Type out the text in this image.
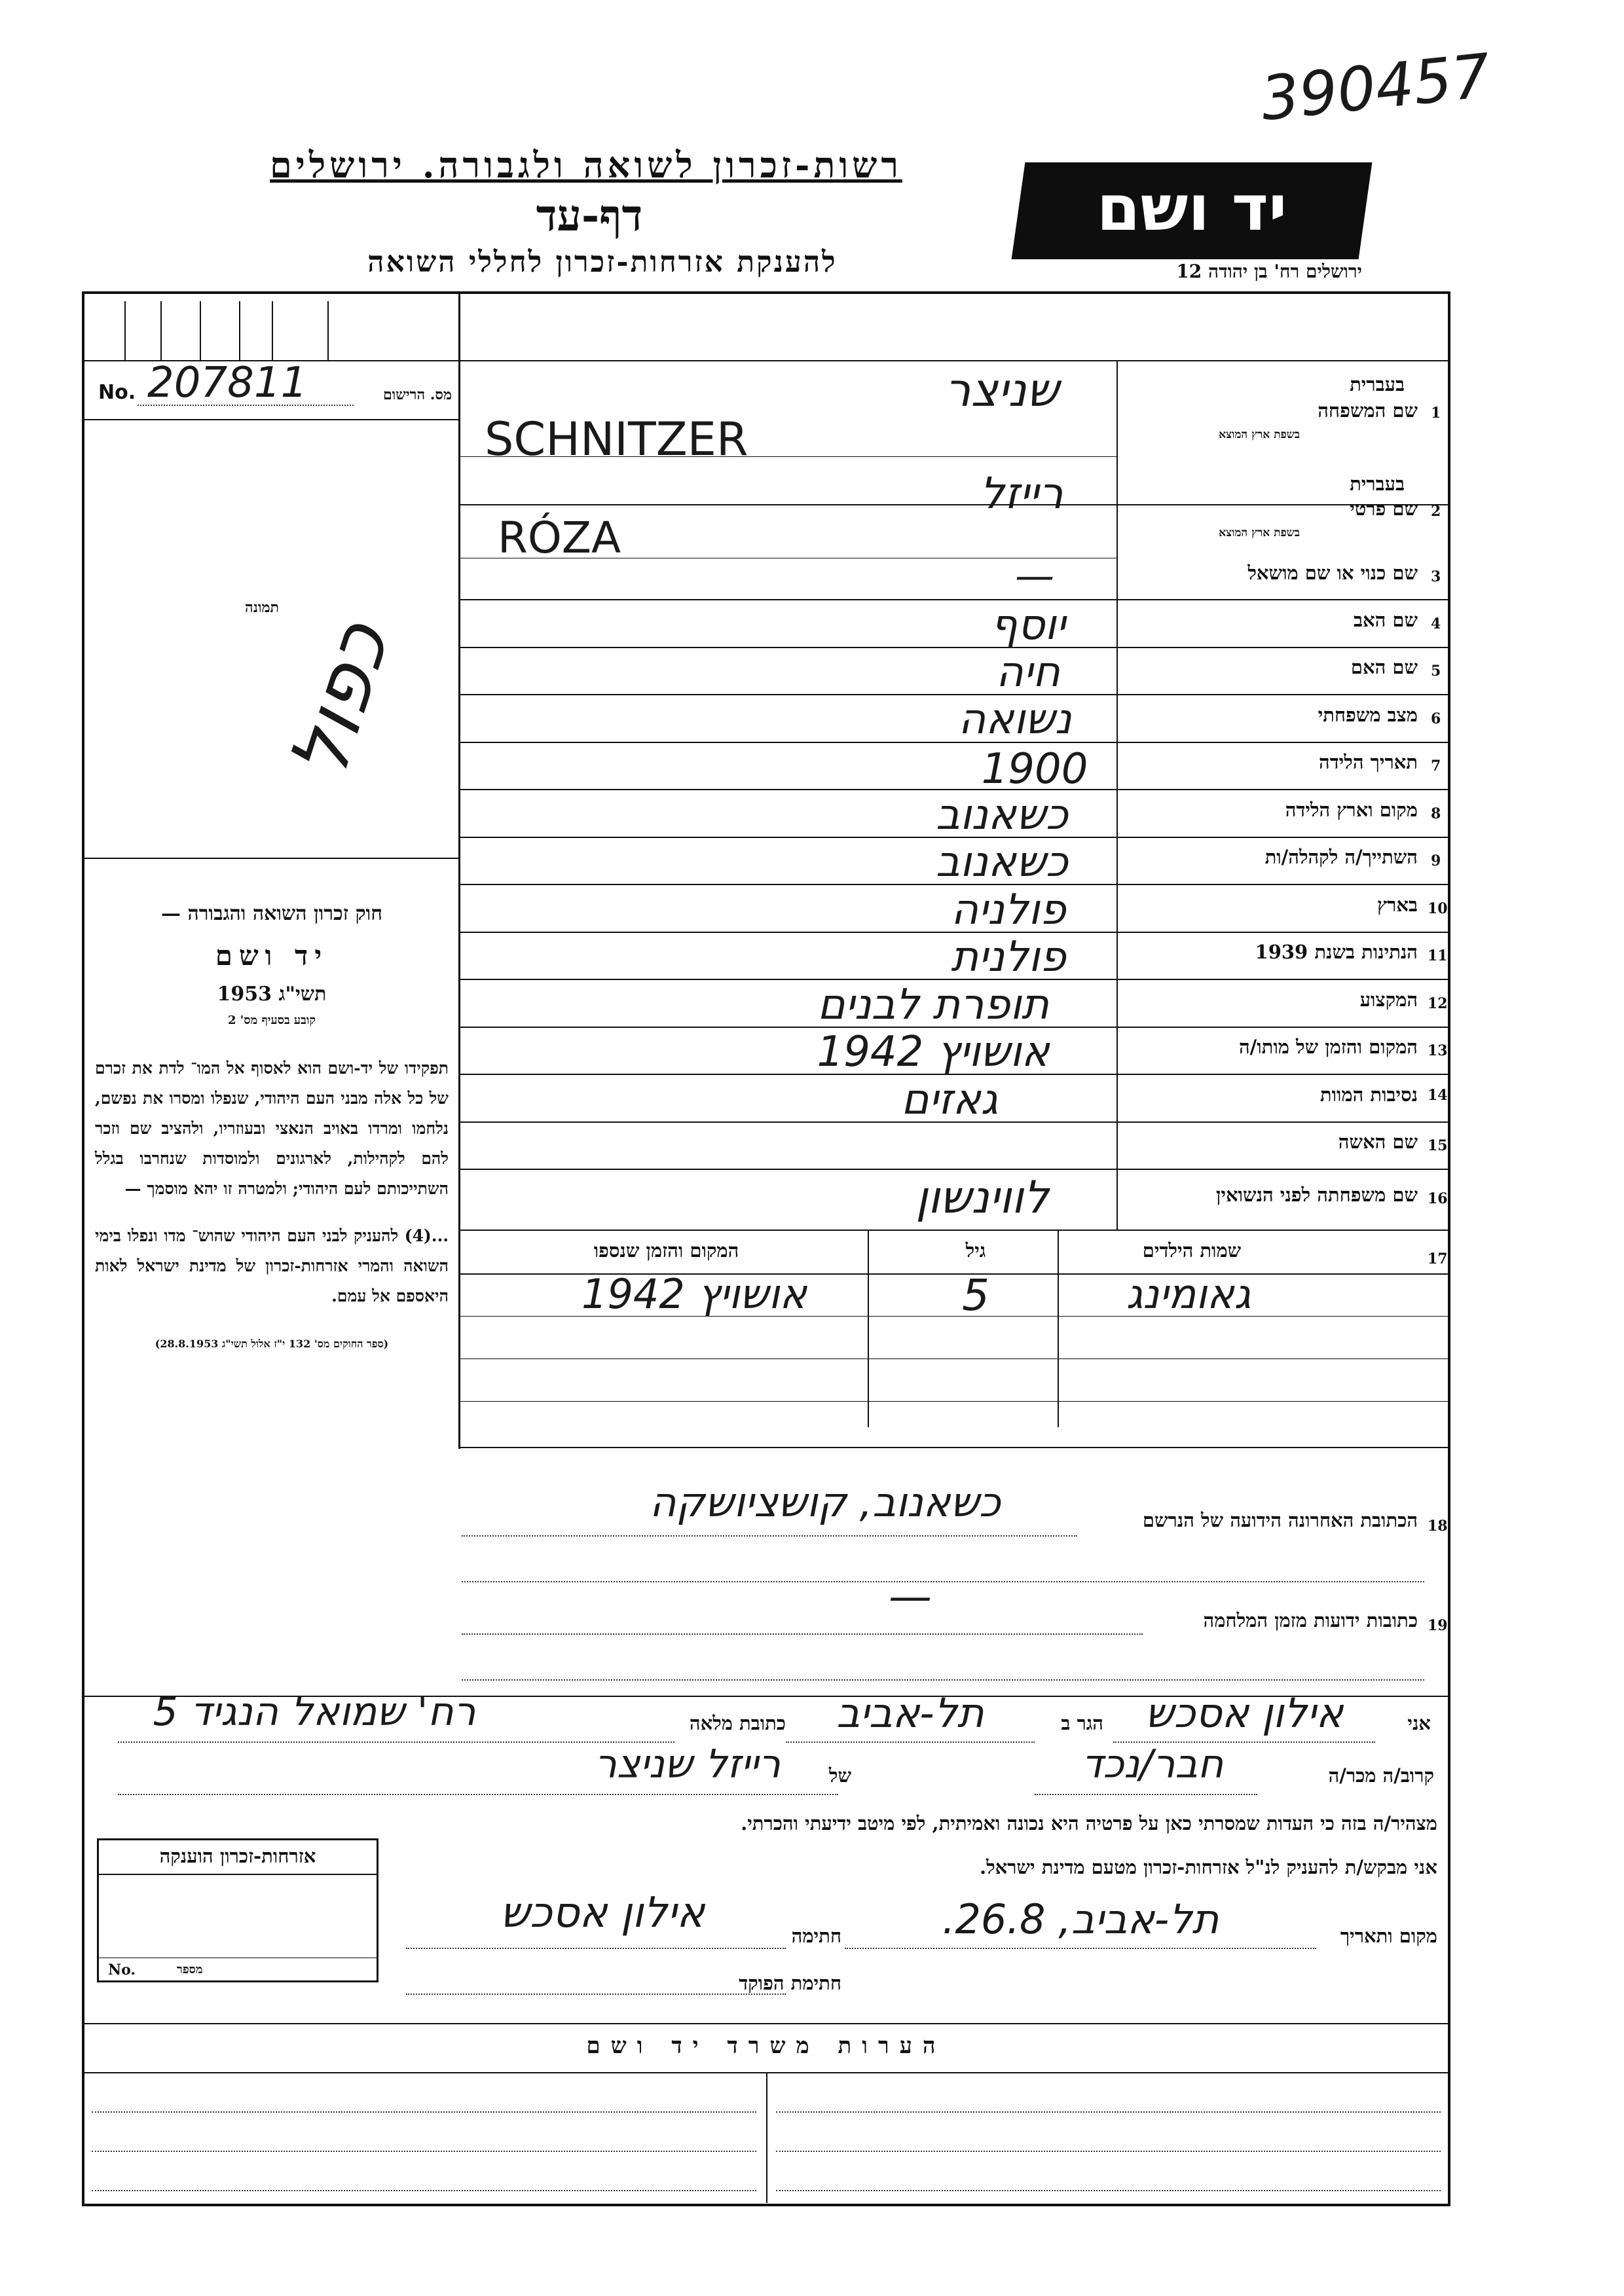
390457
רשות-זכרון לשואה ולגבורה. ירושלים
דף-עד
להענקת אזרחות-זכרון לחללי השואה
יד ושם
ירושלים רח' בן יהודה 12
No. 207811	מס. הרישום
תמונה
כפול

חוק זכרון השואה והגבורה —

יד ושם

תשי"ג 1953

קובע בסעיף מס' 2

תפקידו של יד-ושם הוא לאסוף אל המו־ לדת את זכרם של כל אלה מבני העם היהודי, שנפלו ומסרו את נפשם, נלחמו ומרדו באויב הנאצי ובעוזריו, ולהציב שם וזכר להם לקהילות, לארגונים ולמוסדות שנחרבו בגלל השתייכותם לעם היהודי; ולמטרה זו יהא מוסמך —

...(4) להעניק לבני העם היהודי שהוש־ מדו ונפלו בימי השואה והמרי אזרחות-זכרון של מדינת ישראל לאות היאספם אל עמם.

(ספר החוקים מס' 132 י"ז אלול תשי"ג 28.8.1953)

1
שם המשפחה
בעברית
בשפת ארץ המוצא
שניצר
SCHNITZER
2
שם פרטי
בעברית
בשפת ארץ המוצא
רייזל
RÓZA
3
שם כנוי או שם מושאל
—
4
שם האב
יוסף
5
שם האם
חיה
6
מצב משפחתי
נשואה
7
תאריך הלידה
1900
8
מקום וארץ הלידה
כשאנוב
9
השתייך/ה לקהלה/ות
כשאנוב
10
בארץ
פולניה
11
הנתינות בשנת 1939
פולנית
12
המקצוע
תופרת לבנים
13
המקום והזמן של מותו/ה
אושויץ 1942
14
נסיבות המוות
גאזים
15
שם האשה
16
שם משפחתה לפני הנשואין
לווינשון
17
שמות הילדים
גיל
המקום והזמן שנספו
גאומינג
5
אושויץ 1942
18
הכתובת האחרונה הידועה של הנרשם
כשאנוב, קושציושקה
19
כתובות ידועות מזמן המלחמה
—
אני
אילון אסכש
הגר ב
תל-אביב
כתובת מלאה
רח' שמואל הנגיד 5
קרוב/ה מכר/ה
חבר/נכד
של
רייזל שניצר
מצהיר/ה בזה כי העדות שמסרתי כאן על פרטיה היא נכונה ואמיתית, לפי מיטב ידיעתי והכרתי.
אני מבקש/ת להעניק לנ"ל אזרחות-זכרון מטעם מדינת ישראל.
מקום ותאריך
תל-אביב, 26.8.
חתימה
אילון אסכש
חתימת הפוקד
אזרחות-זכרון הוענקה
No.	מספר
הערות משרד יד ושם
